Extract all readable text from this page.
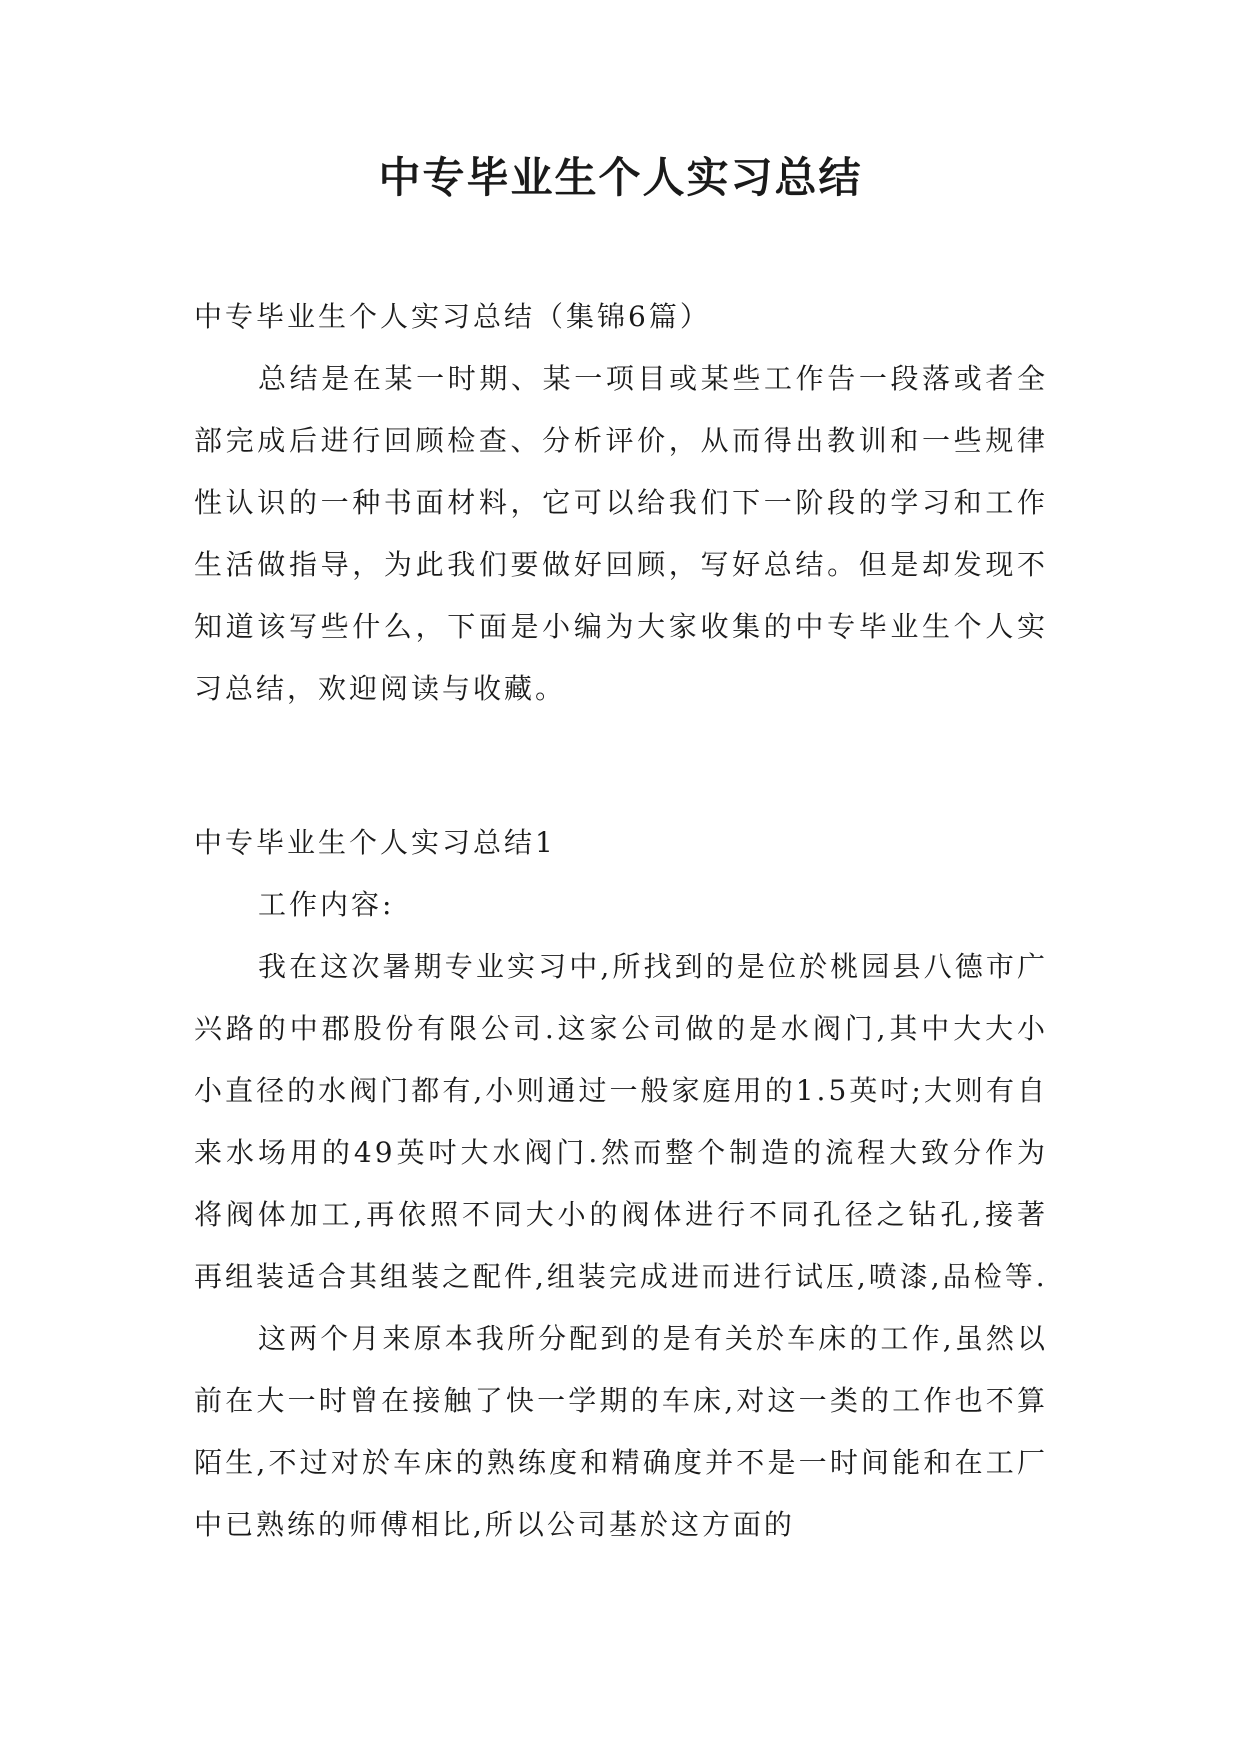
中专毕业生个人实习总结

中专毕业生个人实习总结（集锦6篇）

总结是在某一时期、某一项目或某些工作告一段落或者全部完成后进行回顾检查、分析评价，从而得出教训和一些规律性认识的一种书面材料，它可以给我们下一阶段的学习和工作生活做指导，为此我们要做好回顾，写好总结。但是却发现不知道该写些什么，下面是小编为大家收集的中专毕业生个人实习总结，欢迎阅读与收藏。

中专毕业生个人实习总结1

工作内容:

我在这次暑期专业实习中,所找到的是位於桃园县八德市广兴路的中郡股份有限公司.这家公司做的是水阀门,其中大大小小直径的水阀门都有,小则通过一般家庭用的1.5英吋;大则有自来水场用的49英吋大水阀门.然而整个制造的流程大致分作为将阀体加工,再依照不同大小的阀体进行不同孔径之钻孔,接著再组装适合其组装之配件,组装完成进而进行试压,喷漆,品检等.

这两个月来原本我所分配到的是有关於车床的工作,虽然以前在大一时曾在接触了快一学期的车床,对这一类的工作也不算陌生,不过对於车床的熟练度和精确度并不是一时间能和在工厂中已熟练的师傅相比,所以公司基於这方面的
